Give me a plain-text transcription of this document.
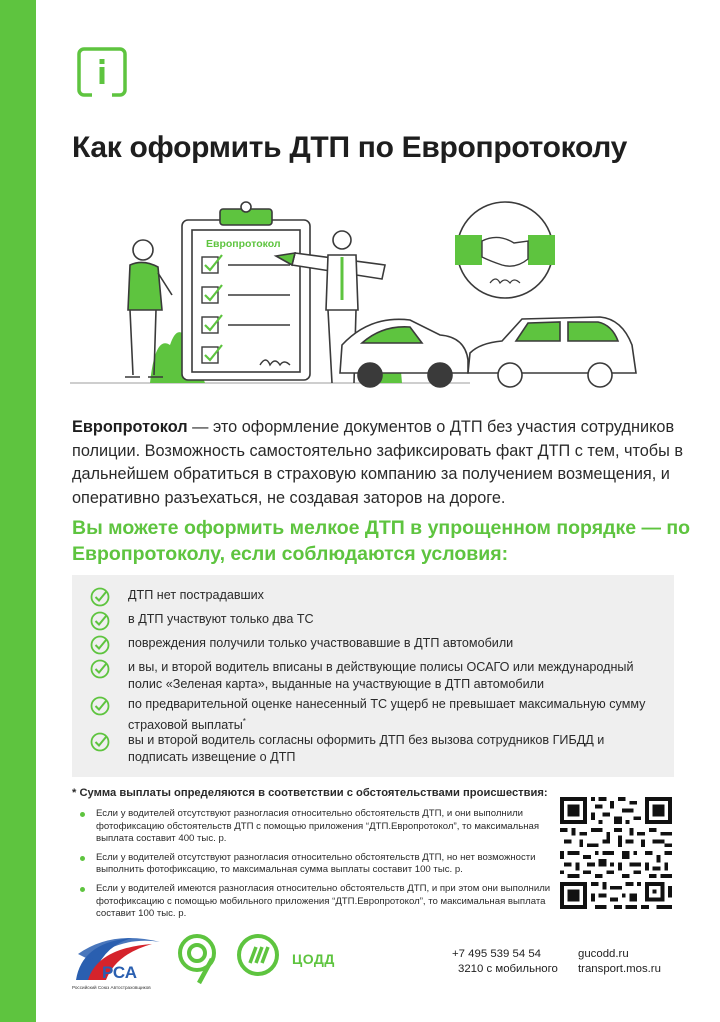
Как оформить ДТП по Европротоколу
Европротокол
Европротокол — это оформление документов о ДТП без участия сотрудников полиции. Возможность самостоятельно зафиксировать факт ДТП с тем, чтобы в дальнейшем обратиться в страховую компанию за получением возмещения, и оперативно разъехаться, не создавая заторов на дороге.
Вы можете оформить мелкое ДТП в упрощенном порядке — по Европротоколу, если соблюдаются условия:
ДТП нет пострадавших
в ДТП участвуют только два ТС
повреждения получили только участвовавшие в ДТП автомобили
и вы, и второй водитель вписаны в действующие полисы ОСАГО или международный полис «Зеленая карта», выданные на участвующие в ДТП автомобили
по предварительной оценке нанесенный ТС ущерб не превышает максимальную сумму страховой выплаты*
вы и второй водитель согласны оформить ДТП без вызова сотрудников ГИБДД и подписать извещение о ДТП
* Сумма выплаты определяются в соответствии с обстоятельствами происшествия:
Если у водителей отсутствуют разногласия относительно обстоятельств ДТП, и они выполнили фотофиксацию обстоятельств ДТП с помощью приложения “ДТП.Европротокол”, то максимальная выплата составит 400 тыс. р.
Если у водителей отсутствуют разногласия относительно обстоятельств ДТП, но нет возможности выполнить фотофиксацию, то максимальная сумма выплаты составит 100 тыс. р.
Если у водителей имеются разногласия относительно обстоятельств ДТП, и при этом они выполнили фотофиксацию с помощью мобильного приложения “ДТП.Европротокол”, то максимальная выплата составит 100 тыс. р.
РСА
Российский Союз Автостраховщиков
ЦОДД	+7 495 539 54 54
3210 с мобильного
gucodd.ru
transport.mos.ru
